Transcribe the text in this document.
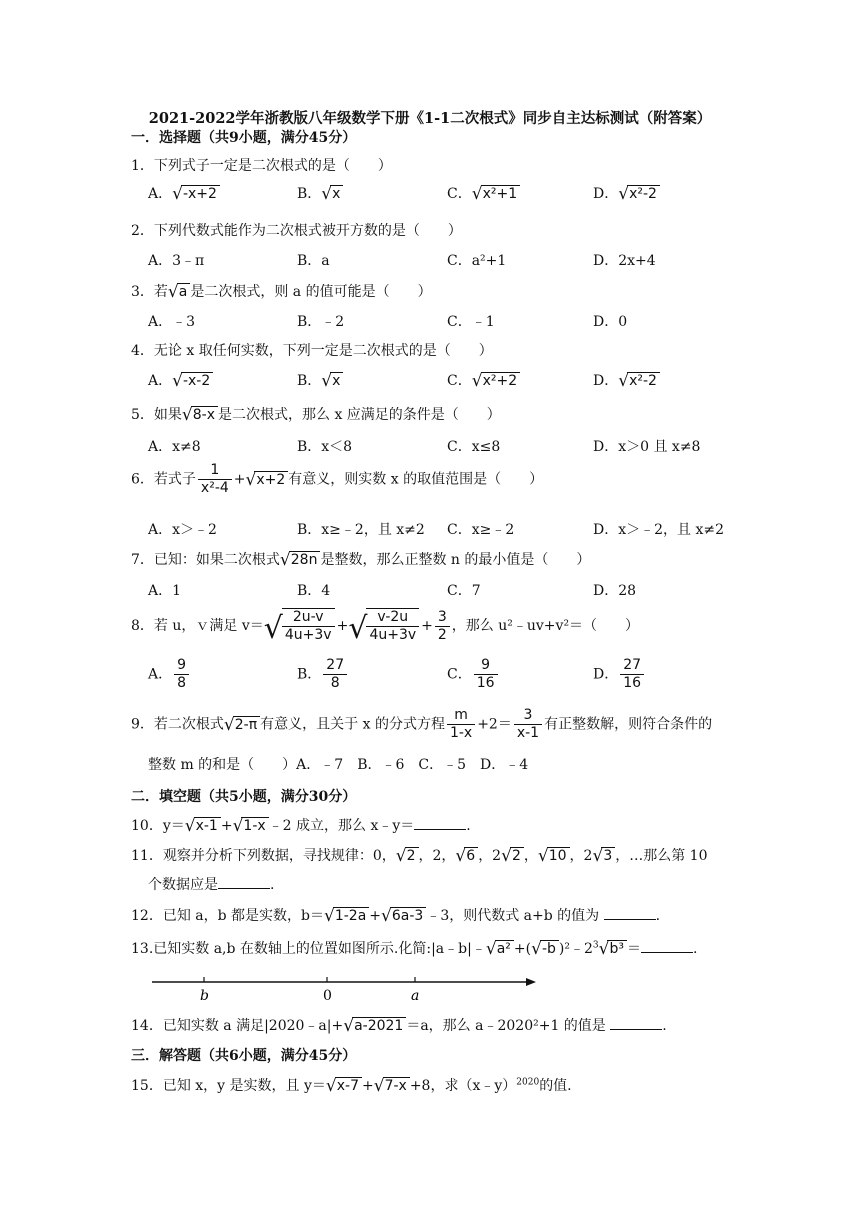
2021-2022学年浙教版八年级数学下册《1-1二次根式》同步自主达标测试（附答案）
一．选择题（共9小题，满分45分）
1．下列式子一定是二次根式的是（　　）
A．√-x+2	B．√x	C．√x²+1	D．√x²-2
2．下列代数式能作为二次根式被开方数的是（　　）
A．3﹣π	B．a	C．a²+1	D．2x+4
3．若√a 是二次根式，则 a 的值可能是（　　）
A．﹣3	B．﹣2	C．﹣1	D．0
4．无论 x 取任何实数，下列一定是二次根式的是（　　）
A．√-x-2	B．√x	C．√x²+2	D．√x²-2
5．如果√8-x 是二次根式，那么 x 应满足的条件是（　　）
A．x≠8	B．x＜8	C．x≤8	D．x＞0 且 x≠8
6．若式子 $\frac{1}{\text{x²-4}} +√x+2$ 有意义，则实数 x 的取值范围是（　　）
A．x＞﹣2	B．x≥﹣2，且 x≠2 C．x≥﹣2	D．x＞﹣2，且 x≠2
7．已知：如果二次根式√28n 是整数，那么正整数 n 的最小值是（　　）
A．1	B．4	C．7	D．28
8．若 u，ｖ满足 $v=√ \frac{2u-v}{4u+3v}$ +√ $\frac{v-2u}{4u+3v} + \frac{3}{2}$ ，那么 u²﹣uv+v²＝（　　）
A． $\frac{9}{8}$	B． $\frac{27}{8}$	C． $\frac{9}{16}$	D． $\frac{27}{16}$
9．若二次根式√2-π 有意义，且关于 x 的分式方程 $\frac{m}{1-x} +2= \frac{3}{x-1}$ 有正整数解，则符合条件的
整数 m 的和是（　　）A．﹣7　B．﹣6　C．﹣5　D．﹣4
二．填空题（共5小题，满分30分）
10．y＝√x-1 +√1-x ﹣2 成立，那么 x﹣y＝	.
11．观察并分析下列数据，寻找规律：0，√2 ，2，√6 ，2√2 ，√10 ，2√3 ，…那么第 10
个数据应是	.
12．已知 a，b 都是实数，b＝√1-2a +√6a-3 ﹣3，则代数式 a+b 的值为	.
13.已知实数 a,b 在数轴上的位置如图所示.化简:|a﹣b|﹣√a² +(√-b )$^2﹣2^3√b^3$ ＝	.
b	0	a
14．已知实数 a 满足|2020﹣a|+√a-2021 ＝a，那么 a﹣2020²+1 的值是	.
三．解答题（共6小题，满分45分）
15．已知 x，y 是实数，且 y＝√x-7 +√7-x +8，求（x﹣y）$^{2020}$的值.
